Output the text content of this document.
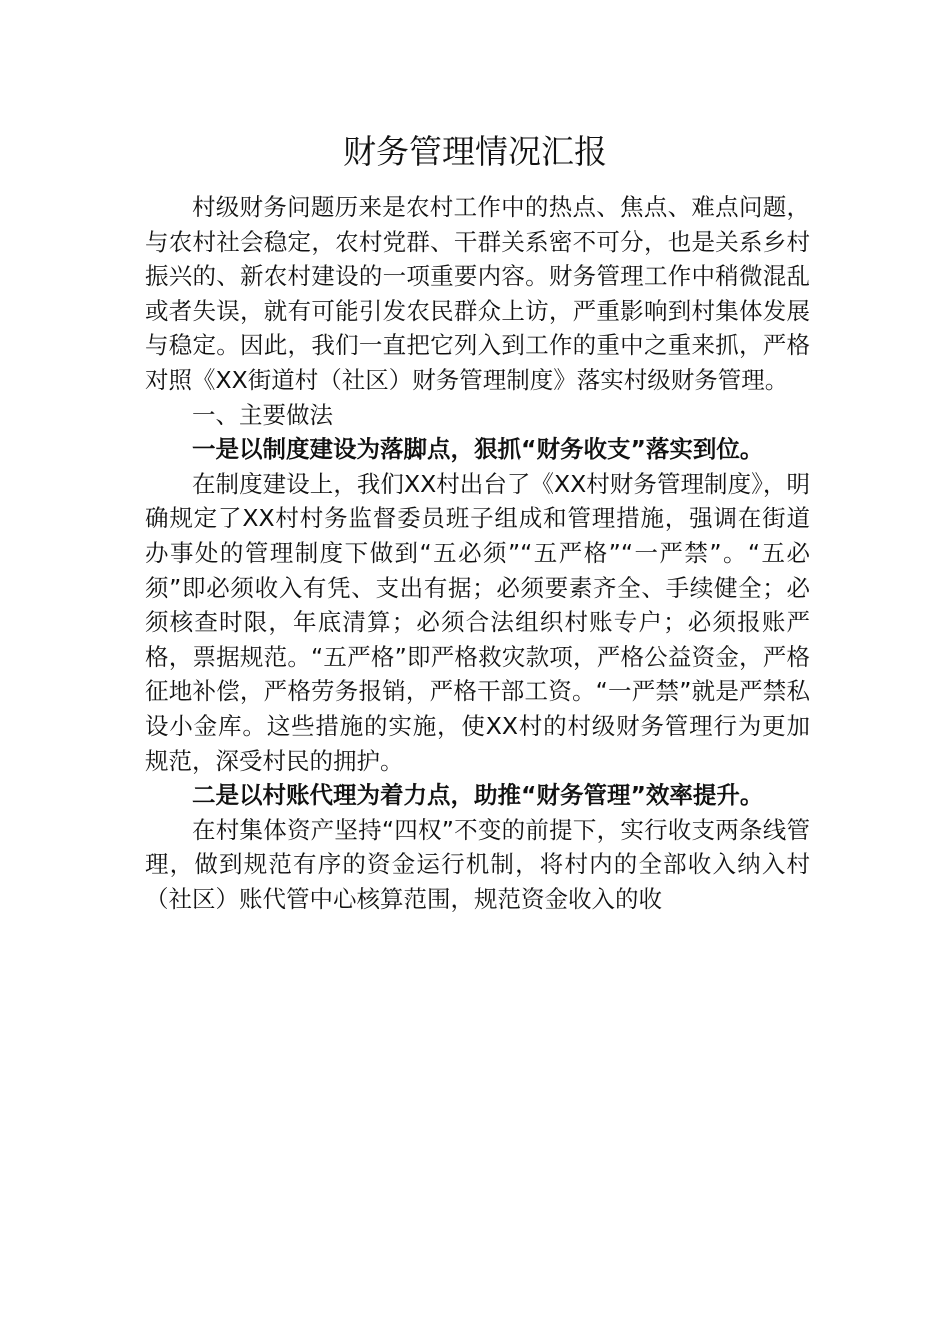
财务管理情况汇报

村级财务问题历来是农村工作中的热点、焦点、难点问题，与农村社会稳定，农村党群、干群关系密不可分，也是关系乡村振兴的、新农村建设的一项重要内容。财务管理工作中稍微混乱或者失误，就有可能引发农民群众上访，严重影响到村集体发展与稳定。因此，我们一直把它列入到工作的重中之重来抓，严格对照《XX街道村（社区）财务管理制度》落实村级财务管理。

一、主要做法

一是以制度建设为落脚点，狠抓“财务收支”落实到位。

在制度建设上，我们XX村出台了《XX村财务管理制度》，明确规定了XX村村务监督委员班子组成和管理措施，强调在街道办事处的管理制度下做到“五必须”“五严格”“一严禁”。“五必须”即必须收入有凭、支出有据；必须要素齐全、手续健全；必须核查时限，年底清算；必须合法组织村账专户；必须报账严格，票据规范。“五严格”即严格救灾款项，严格公益资金，严格征地补偿，严格劳务报销，严格干部工资。“一严禁”就是严禁私设小金库。这些措施的实施，使XX村的村级财务管理行为更加规范，深受村民的拥护。

二是以村账代理为着力点，助推“财务管理”效率提升。

在村集体资产坚持“四权”不变的前提下，实行收支两条线管理，做到规范有序的资金运行机制，将村内的全部收入纳入村（社区）账代管中心核算范围，规范资金收入的收
